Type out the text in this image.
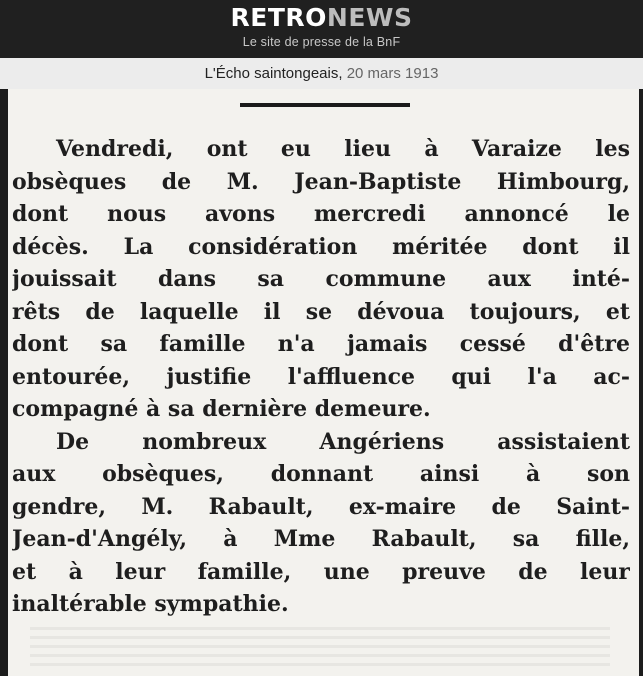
RETRONEWS
Le site de presse de la BnF
L'Écho saintongeais, 20 mars 1913
Vendredi, ont eu lieu à Varaize les
obsèques de M. Jean-Baptiste Himbourg,
dont nous avons mercredi annoncé le
décès. La considération méritée dont il
jouissait dans sa commune aux inté-
rêts de laquelle il se dévoua toujours, et
dont sa famille n'a jamais cessé d'être
entourée, justifie l'affluence qui l'a ac-
compagné à sa dernière demeure.
De nombreux Angériens assistaient
aux obsèques, donnant ainsi à son
gendre, M. Rabault, ex-maire de Saint-
Jean-d'Angély, à Mme Rabault, sa fille,
et à leur famille, une preuve de leur
inaltérable sympathie.
